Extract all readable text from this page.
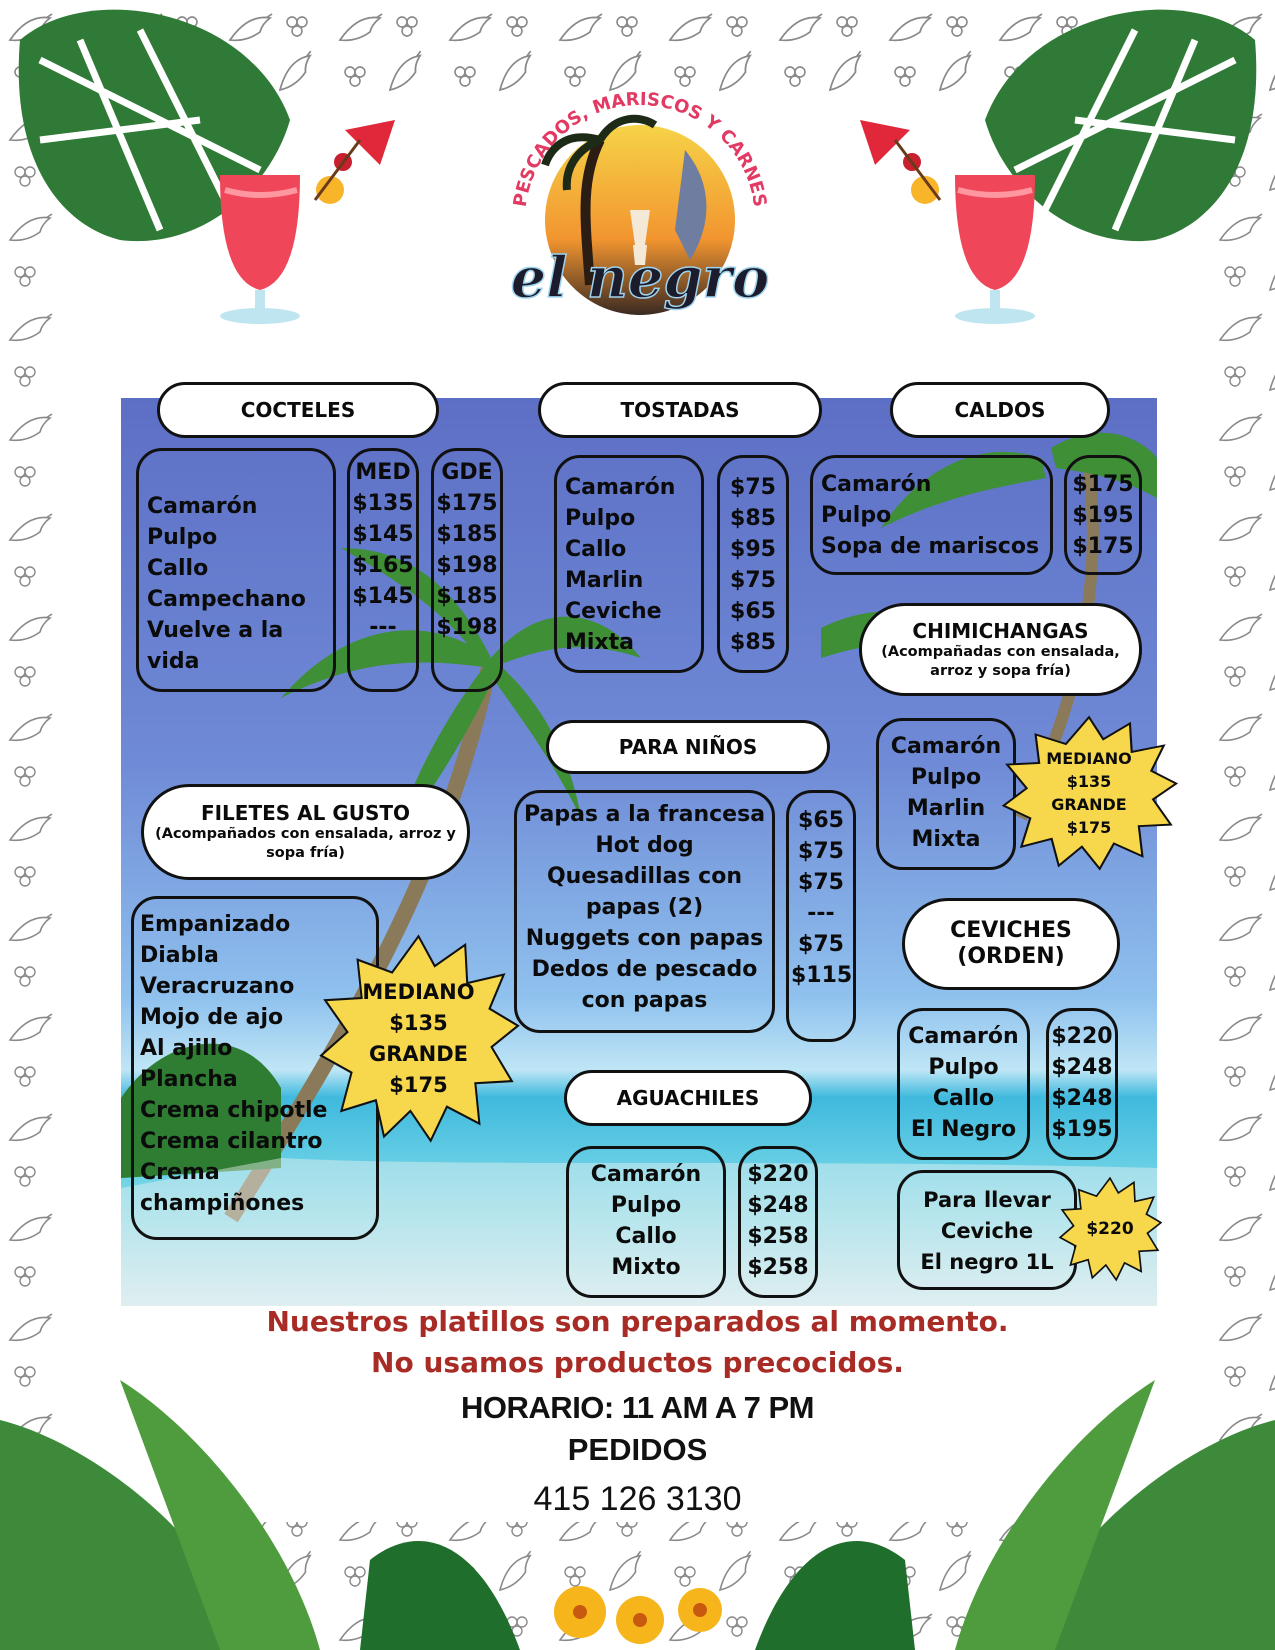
PESCADOS, MARISCOS Y CARNES
el negro
COCTELES
Camarón
Pulpo
Callo
Campechano
Vuelve a la
vida
MED
$135
$145
$165
$145
---
GDE
$175
$185
$198
$185
$198
TOSTADAS
Camarón
Pulpo
Callo
Marlin
Ceviche
Mixta
$75
$85
$95
$75
$65
$85
CALDOS
Camarón
Pulpo
Sopa de mariscos
$175
$195
$175
CHIMICHANGAS
(Acompañadas con ensalada,
arroz y sopa fría)
Camarón
Pulpo
Marlin
Mixta
MEDIANO
$135
GRANDE
$175
PARA NIÑOS
Papas a la francesa
Hot dog
Quesadillas con
papas (2)
Nuggets con papas
Dedos de pescado
con papas
$65
$75
$75
---
$75
$115
FILETES AL GUSTO
(Acompañados con ensalada, arroz y
sopa fría)
Empanizado
Diabla
Veracruzano
Mojo de ajo
Al ajillo
Plancha
Crema chipotle
Crema cilantro
Crema
champiñones
MEDIANO
$135
GRANDE
$175
CEVICHES
(ORDEN)
Camarón
Pulpo
Callo
El Negro
$220
$248
$248
$195
Para llevar
Ceviche
El negro 1L
$220
AGUACHILES
Camarón
Pulpo
Callo
Mixto
$220
$248
$258
$258
Nuestros platillos son preparados al momento.
No usamos productos precocidos.
HORARIO: 11 AM A 7 PM
PEDIDOS
415 126 3130
